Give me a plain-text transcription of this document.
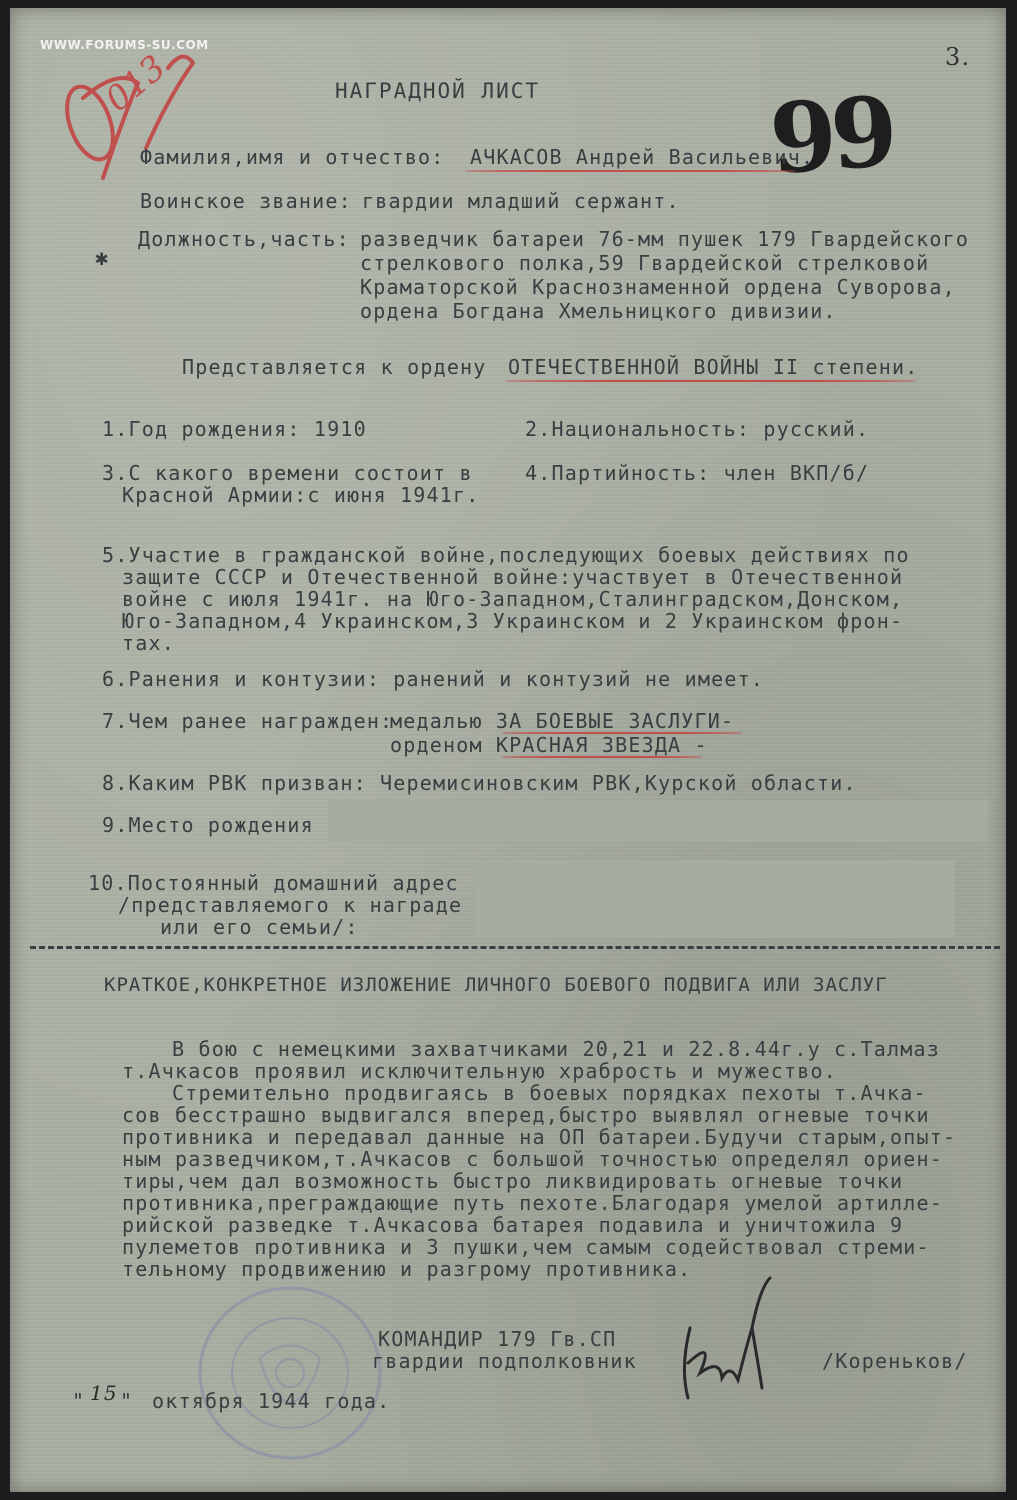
WWW.FORUMS-SU.COM	3.
013	99
НАГРАДНОЙ ЛИСТ
Фамилия,имя и отчество: АЧКАСОВ Андрей Васильевич.
Воинское звание: гвардии младший сержант.
Должность,часть: разведчик батареи 76-мм пушек 179 Гвардейского
стрелкового полка,59 Гвардейской стрелковой
Краматорской Краснознаменной ордена Суворова,
ордена Богдана Хмельницкого дивизии.
✱
Представляется к ордену ОТЕЧЕСТВЕННОЙ ВОЙНЫ II степени.
1.Год рождения: 1910	2.Национальность: русский.
3.С какого времени состоит в
Красной Армии:с июня 1941г.
4.Партийность: член ВКП/б/
5.Участие в гражданской войне,последующих боевых действиях по
защите СССР и Отечественной войне:участвует в Отечественной
войне с июля 1941г. на Юго-Западном,Сталинградском,Донском,
Юго-Западном,4 Украинском,3 Украинском и 2 Украинском фрон-
тах.
6.Ранения и контузии: ранений и контузий не имеет.
7.Чем ранее награжден:
медалью ЗА БОЕВЫЕ ЗАСЛУГИ-
орденом КРАСНАЯ ЗВЕЗДА -
8.Каким РВК призван: Черемисиновским РВК,Курской области.
9.Место рождения
10.Постоянный домашний адрес
/представляемого к награде
или его семьи/:
КРАТКОЕ,КОНКРЕТНОЕ ИЗЛОЖЕНИЕ ЛИЧНОГО БОЕВОГО ПОДВИГА ИЛИ ЗАСЛУГ
В бою с немецкими захватчиками 20,21 и 22.8.44г.у с.Талмаз
т.Ачкасов проявил исключительную храбрость и мужество.
Стремительно продвигаясь в боевых порядках пехоты т.Ачка-
сов бесстрашно выдвигался вперед,быстро выявлял огневые точки
противника и передавал данные на ОП батареи.Будучи старым,опыт-
ным разведчиком,т.Ачкасов с большой точностью определял ориен-
тиры,чем дал возможность быстро ликвидировать огневые точки
противника,преграждающие путь пехоте.Благодаря умелой артилле-
рийской разведке т.Ачкасова батарея подавила и уничтожила 9
пулеметов противника и 3 пушки,чем самым содействовал стреми-
тельному продвижению и разгрому противника.
КОМАНДИР 179 Гв.СП
гвардии подполковник	/Кореньков/
" 15 " октября 1944 года.
